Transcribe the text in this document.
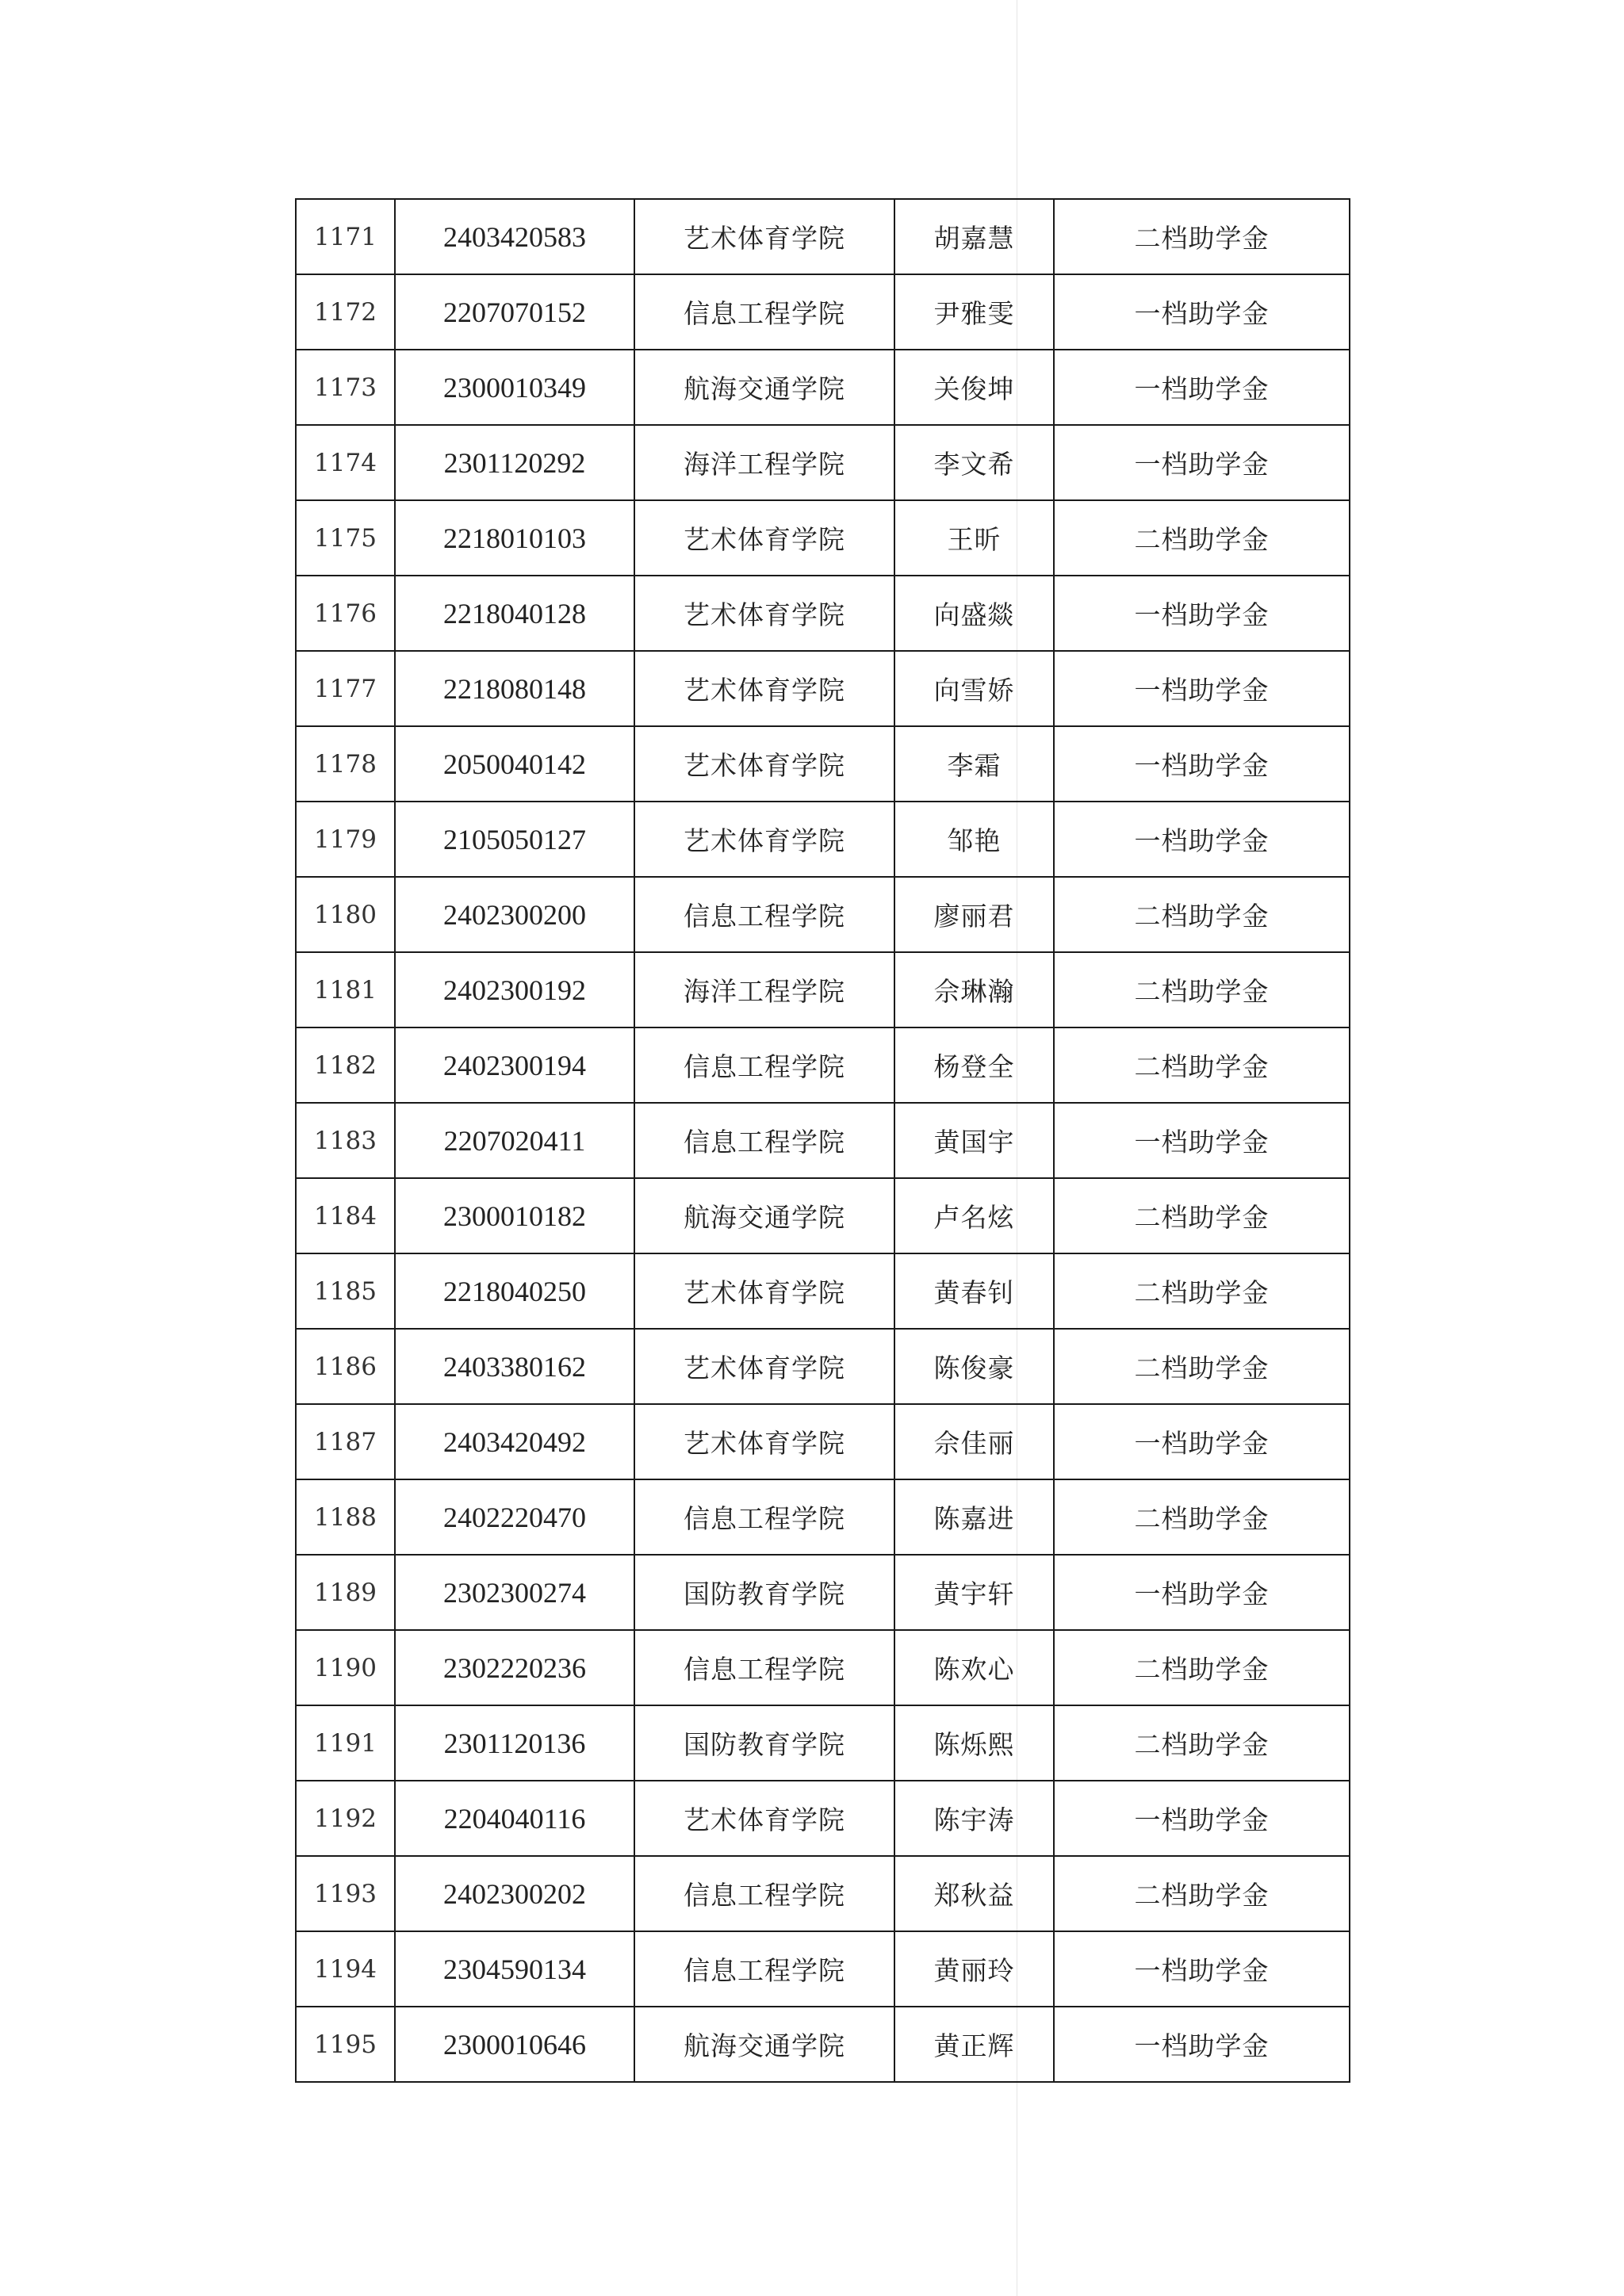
1171	2403420583	艺术体育学院	胡嘉慧	二档助学金
1172	2207070152	信息工程学院	尹雅雯	一档助学金
1173	2300010349	航海交通学院	关俊坤	一档助学金
1174	2301120292	海洋工程学院	李文希	一档助学金
1175	2218010103	艺术体育学院	王昕	二档助学金
1176	2218040128	艺术体育学院	向盛燚	一档助学金
1177	2218080148	艺术体育学院	向雪娇	一档助学金
1178	2050040142	艺术体育学院	李霜	一档助学金
1179	2105050127	艺术体育学院	邹艳	一档助学金
1180	2402300200	信息工程学院	廖丽君	二档助学金
1181	2402300192	海洋工程学院	佘琳瀚	二档助学金
1182	2402300194	信息工程学院	杨登全	二档助学金
1183	2207020411	信息工程学院	黄国宇	一档助学金
1184	2300010182	航海交通学院	卢名炫	二档助学金
1185	2218040250	艺术体育学院	黄春钊	二档助学金
1186	2403380162	艺术体育学院	陈俊豪	二档助学金
1187	2403420492	艺术体育学院	佘佳丽	一档助学金
1188	2402220470	信息工程学院	陈嘉进	二档助学金
1189	2302300274	国防教育学院	黄宇轩	一档助学金
1190	2302220236	信息工程学院	陈欢心	二档助学金
1191	2301120136	国防教育学院	陈烁熙	二档助学金
1192	2204040116	艺术体育学院	陈宇涛	一档助学金
1193	2402300202	信息工程学院	郑秋益	二档助学金
1194	2304590134	信息工程学院	黄丽玲	一档助学金
1195	2300010646	航海交通学院	黄正辉	一档助学金
